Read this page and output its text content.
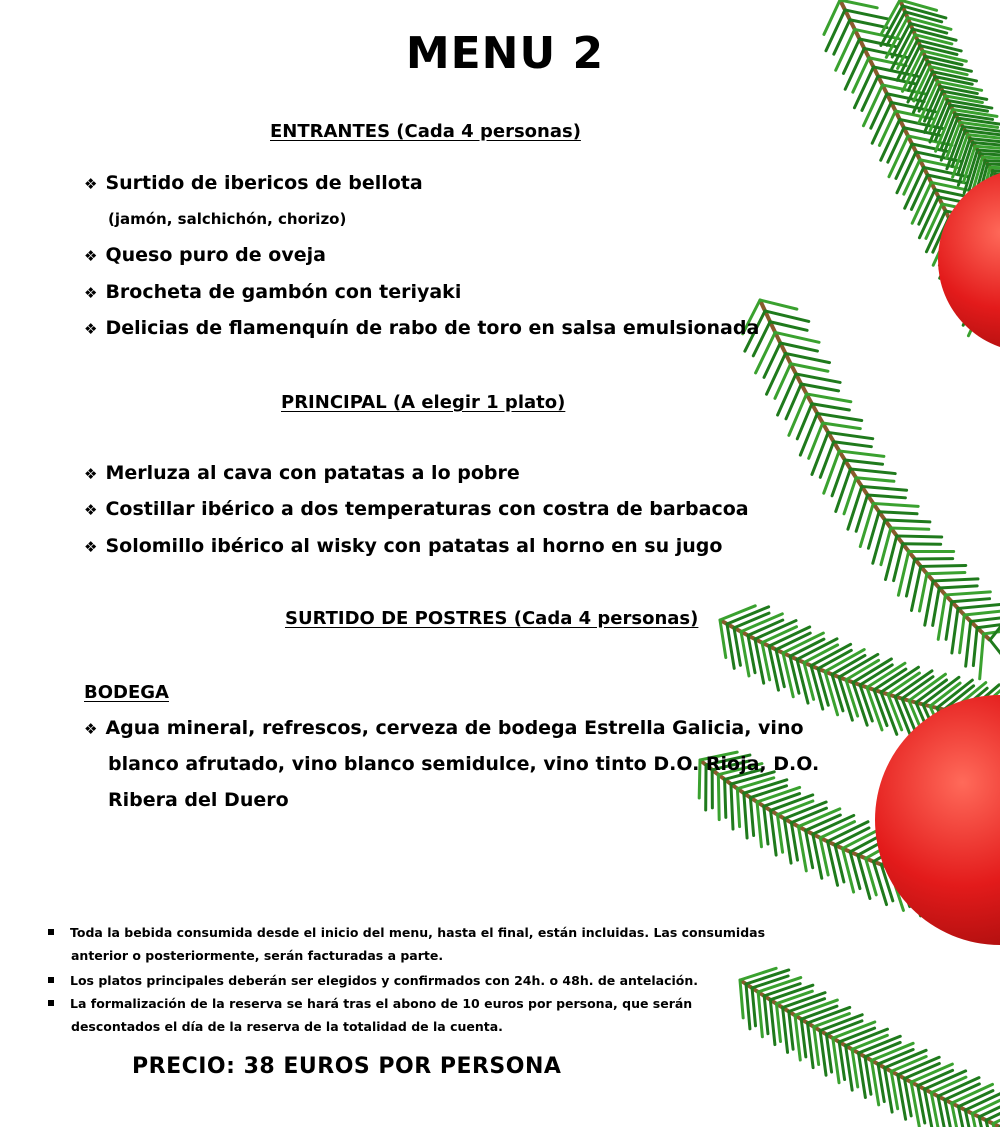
MENU 2
ENTRANTES (Cada 4 personas)

❖ Surtido de ibericos de bellota

(jamón, salchichón, chorizo)

❖ Queso puro de oveja

❖ Brocheta de gambón con teriyaki

❖ Delicias de flamenquín de rabo de toro en salsa emulsionada

PRINCIPAL (A elegir 1 plato)

❖ Merluza al cava con patatas a lo pobre

❖ Costillar ibérico a dos temperaturas con costra de barbacoa

❖ Solomillo ibérico al wisky con patatas al horno en su jugo

SURTIDO DE POSTRES (Cada 4 personas)
BODEGA

❖ Agua mineral, refrescos, cerveza de bodega Estrella Galicia, vino

blanco afrutado, vino blanco semidulce, vino tinto D.O. Rioja, D.O.

Ribera del Duero

Toda la bebida consumida desde el inicio del menu, hasta el final, están incluidas. Las consumidas

anterior o posteriormente, serán facturadas a parte.

Los platos principales deberán ser elegidos y confirmados con 24h. o 48h. de antelación.

La formalización de la reserva se hará tras el abono de 10 euros por persona, que serán

descontados el día de la reserva de la totalidad de la cuenta.

PRECIO: 38 EUROS POR PERSONA
